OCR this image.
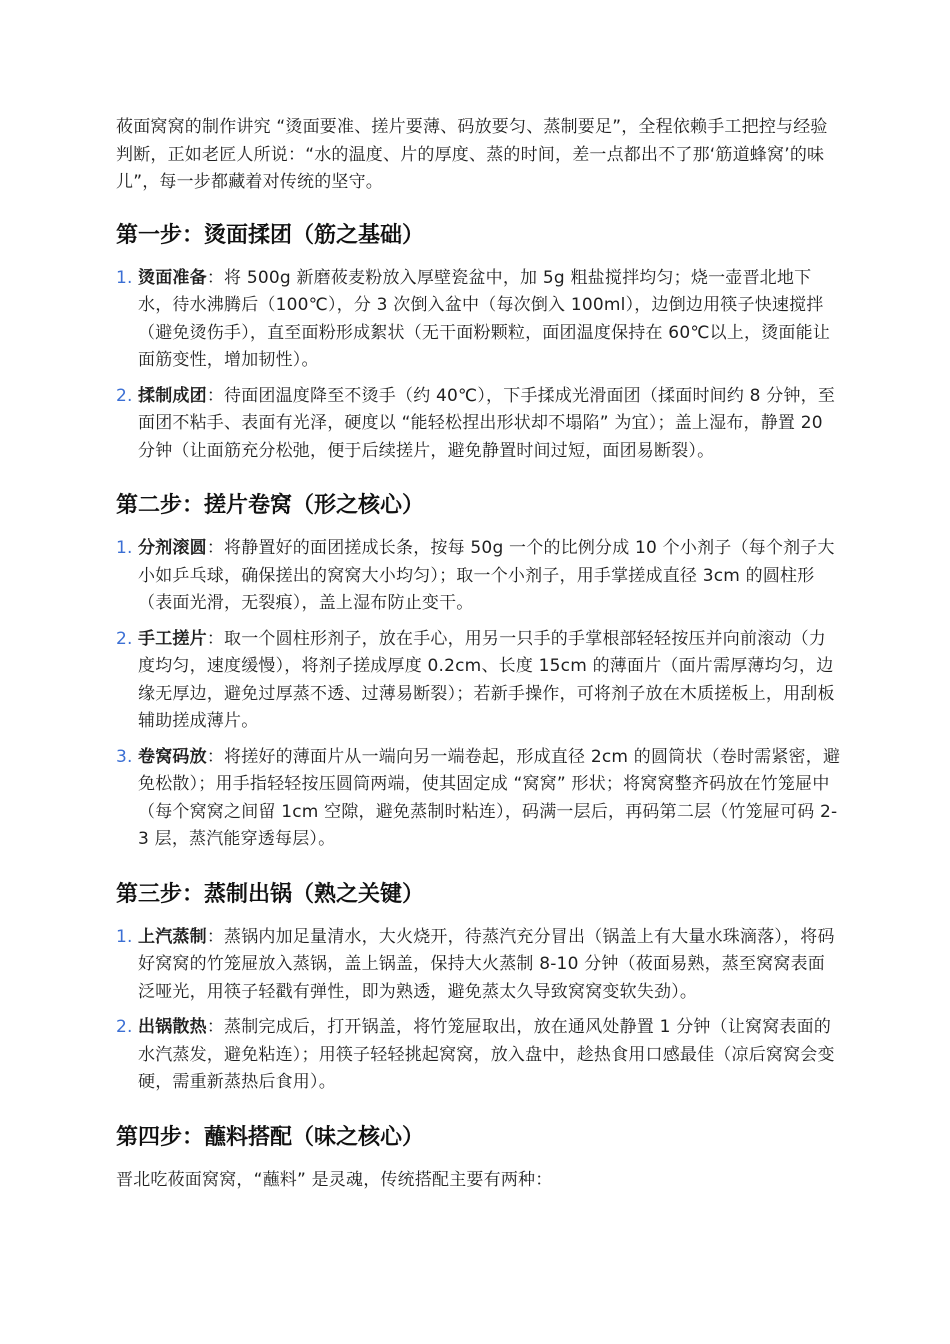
莜面窝窝的制作讲究 “烫面要准、搓片要薄、码放要匀、蒸制要足”，全程依赖手工把控与经验判断，正如老匠人所说：“水的温度、片的厚度、蒸的时间，差一点都出不了那‘筋道蜂窝’的味儿”，每一步都藏着对传统的坚守。

第一步：烫面揉团（筋之基础）
1. 烫面准备：将 500g 新磨莜麦粉放入厚壁瓷盆中，加 5g 粗盐搅拌均匀；烧一壶晋北地下水，待水沸腾后（100℃），分 3 次倒入盆中（每次倒入 100ml），边倒边用筷子快速搅拌（避免烫伤手），直至面粉形成絮状（无干面粉颗粒，面团温度保持在 60℃以上，烫面能让面筋变性，增加韧性）。
2. 揉制成团：待面团温度降至不烫手（约 40℃），下手揉成光滑面团（揉面时间约 8 分钟，至面团不粘手、表面有光泽，硬度以 “能轻松捏出形状却不塌陷” 为宜）；盖上湿布，静置 20 分钟（让面筋充分松弛，便于后续搓片，避免静置时间过短，面团易断裂）。
第二步：搓片卷窝（形之核心）
1. 分剂滚圆：将静置好的面团搓成长条，按每 50g 一个的比例分成 10 个小剂子（每个剂子大小如乒乓球，确保搓出的窝窝大小均匀）；取一个小剂子，用手掌搓成直径 3cm 的圆柱形（表面光滑，无裂痕），盖上湿布防止变干。
2. 手工搓片：取一个圆柱形剂子，放在手心，用另一只手的手掌根部轻轻按压并向前滚动（力度均匀，速度缓慢），将剂子搓成厚度 0.2cm、长度 15cm 的薄面片（面片需厚薄均匀，边缘无厚边，避免过厚蒸不透、过薄易断裂）；若新手操作，可将剂子放在木质搓板上，用刮板辅助搓成薄片。
3. 卷窝码放：将搓好的薄面片从一端向另一端卷起，形成直径 2cm 的圆筒状（卷时需紧密，避免松散）；用手指轻轻按压圆筒两端，使其固定成 “窝窝” 形状；将窝窝整齐码放在竹笼屉中（每个窝窝之间留 1cm 空隙，避免蒸制时粘连），码满一层后，再码第二层（竹笼屉可码 2-3 层，蒸汽能穿透每层）。
第三步：蒸制出锅（熟之关键）
1. 上汽蒸制：蒸锅内加足量清水，大火烧开，待蒸汽充分冒出（锅盖上有大量水珠滴落），将码好窝窝的竹笼屉放入蒸锅，盖上锅盖，保持大火蒸制 8-10 分钟（莜面易熟，蒸至窝窝表面泛哑光，用筷子轻戳有弹性，即为熟透，避免蒸太久导致窝窝变软失劲）。
2. 出锅散热：蒸制完成后，打开锅盖，将竹笼屉取出，放在通风处静置 1 分钟（让窝窝表面的水汽蒸发，避免粘连）；用筷子轻轻挑起窝窝，放入盘中，趁热食用口感最佳（凉后窝窝会变硬，需重新蒸热后食用）。
第四步：蘸料搭配（味之核心）

晋北吃莜面窝窝，“蘸料” 是灵魂，传统搭配主要有两种：
